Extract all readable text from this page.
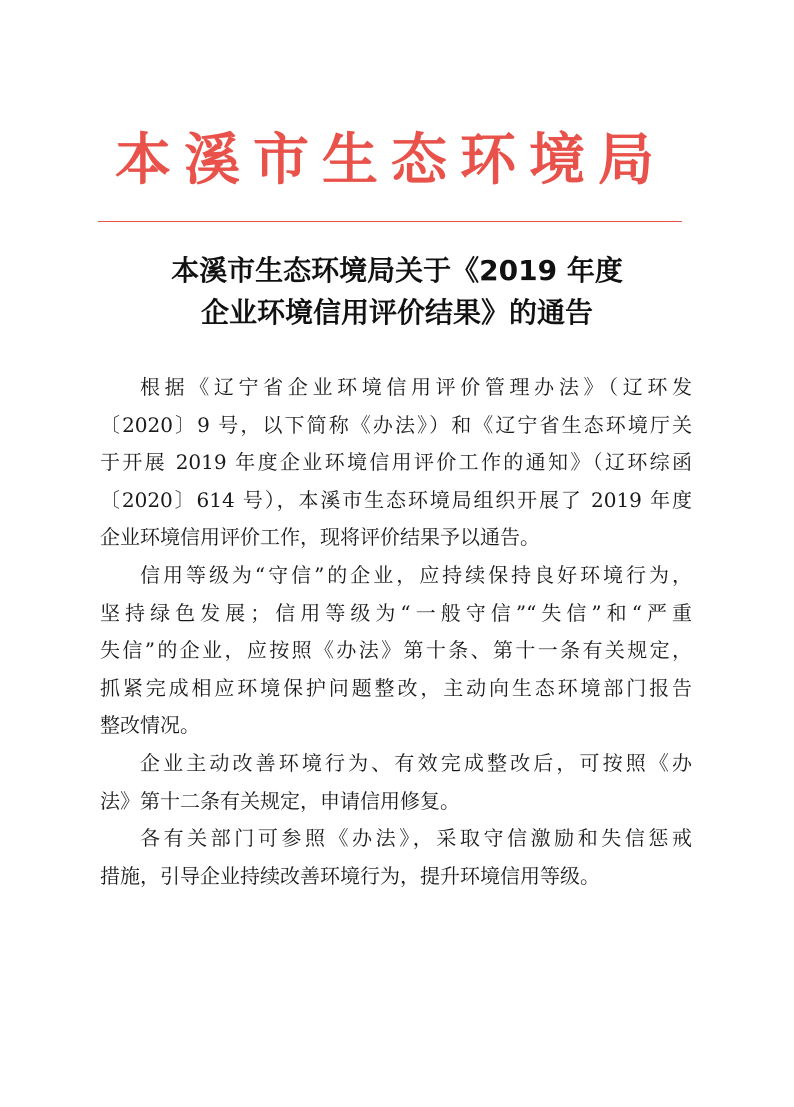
本溪市生态环境局
本溪市生态环境局关于《2019 年度
企业环境信用评价结果》的通告
根据《辽宁省企业环境信用评价管理办法》（辽环发
〔2020〕9 号，以下简称《办法》）和《辽宁省生态环境厅关
于开展 2019 年度企业环境信用评价工作的通知》（辽环综函
〔2020〕614 号），本溪市生态环境局组织开展了 2019 年度
企业环境信用评价工作，现将评价结果予以通告。
信用等级为“守信”的企业，应持续保持良好环境行为，
坚持绿色发展；信用等级为“一般守信”“失信”和“严重
失信”的企业，应按照《办法》第十条、第十一条有关规定，
抓紧完成相应环境保护问题整改，主动向生态环境部门报告
整改情况。
企业主动改善环境行为、有效完成整改后，可按照《办
法》第十二条有关规定，申请信用修复。
各有关部门可参照《办法》，采取守信激励和失信惩戒
措施，引导企业持续改善环境行为，提升环境信用等级。
